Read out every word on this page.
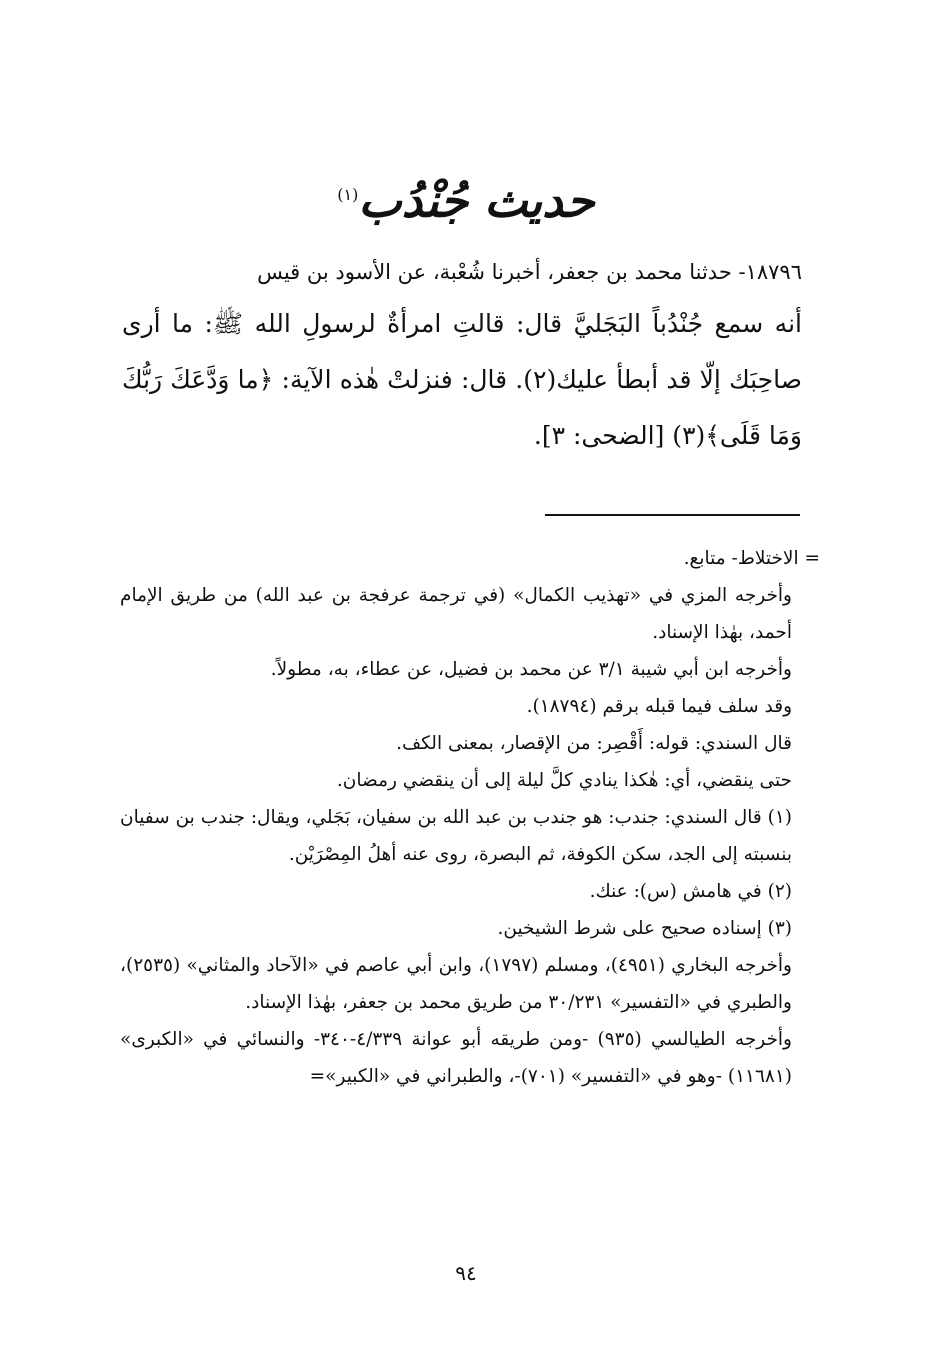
حديث جُنْدُب$^{(١)}$

١٨٧٩٦- حدثنا محمد بن جعفر، أخبرنا شُعْبة، عن الأسود بن قيس

أنه سمع جُنْدُباً البَجَليَّ قال: قالتِ امرأةٌ لرسولِ الله ﷺ: ما أرى صاحِبَك إلّا قد أبطأ عليك(٢). قال: فنزلتْ هٰذه الآية: ﴿ما وَدَّعَكَ رَبُّكَ وَمَا قَلَى﴾(٣) [الضحى: ٣].

= الاختلاط- متابع.

وأخرجه المزي في «تهذيب الكمال» (في ترجمة عرفجة بن عبد الله) من طريق الإمام أحمد، بهٰذا الإسناد.

وأخرجه ابن أبي شيبة ٣/١ عن محمد بن فضيل، عن عطاء، به، مطولاً.

وقد سلف فيما قبله برقم (١٨٧٩٤).

قال السندي: قوله: أَقْصِر: من الإقصار، بمعنى الكف.

حتى ينقضي، أي: هٰكذا ينادي كلَّ ليلة إلى أن ينقضي رمضان.

(١) قال السندي: جندب: هو جندب بن عبد الله بن سفيان، بَجَلي، ويقال: جندب بن سفيان بنسبته إلى الجد، سكن الكوفة، ثم البصرة، روى عنه أهلُ المِصْرَيْن.

(٢) في هامش (س): عنك.

(٣) إسناده صحيح على شرط الشيخين.

وأخرجه البخاري (٤٩٥١)، ومسلم (١٧٩٧)، وابن أبي عاصم في «الآحاد والمثاني» (٢٥٣٥)، والطبري في «التفسير» ٣٠/٢٣١ من طريق محمد بن جعفر، بهٰذا الإسناد.

وأخرجه الطيالسي (٩٣٥) -ومن طريقه أبو عوانة ٤/٣٣٩-٣٤٠- والنسائي في «الكبرى» (١١٦٨١) -وهو في «التفسير» (٧٠١)-، والطبراني في «الكبير»=

٩٤
